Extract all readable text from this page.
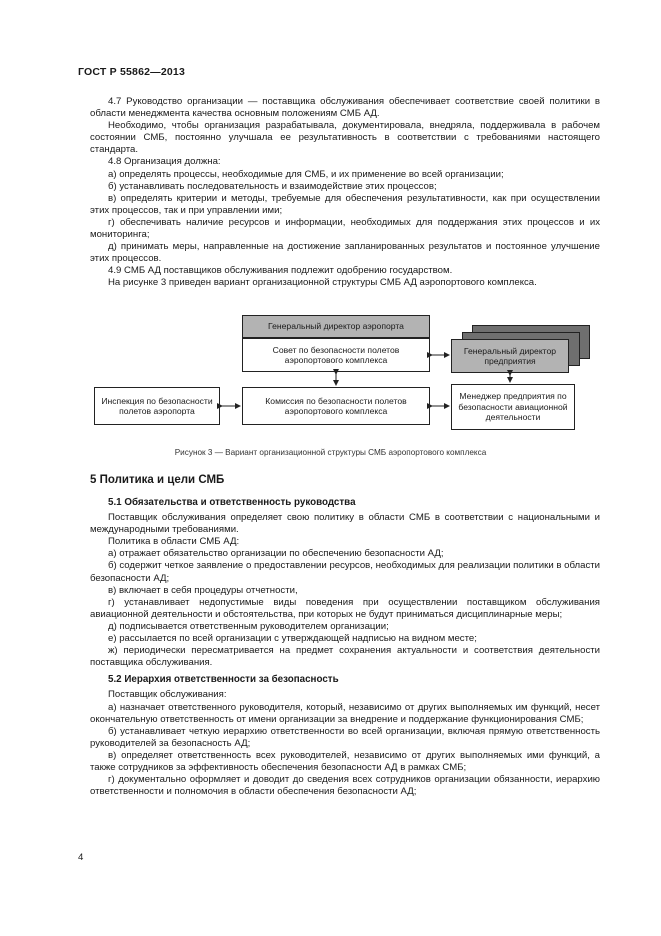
ГОСТ Р 55862—2013

4.7 Руководство организации — поставщика обслуживания обеспечивает соответствие своей политики в области менеджмента качества основным положениям СМБ АД.

Необходимо, чтобы организация разрабатывала, документировала, внедряла, поддерживала в рабочем состоянии СМБ, постоянно улучшала ее результативность в соответствии с требованиями настоящего стандарта.

4.8 Организация должна:

а) определять процессы, необходимые для СМБ, и их применение во всей организации;

б) устанавливать последовательность и взаимодействие этих процессов;

в) определять критерии и методы, требуемые для обеспечения результативности, как при осуществлении этих процессов, так и при управлении ими;

г) обеспечивать наличие ресурсов и информации, необходимых для поддержания этих процессов и их мониторинга;

д) принимать меры, направленные на достижение запланированных результатов и постоянное улучшение этих процессов.

4.9 СМБ АД поставщиков обслуживания подлежит одобрению государством.

На рисунке 3 приведен вариант организационной структуры СМБ АД аэропортового комплекса.

Генеральный директор аэропорта
Совет по безопасности полетов аэропортового комплекса
Генеральный директор предприятия
Инспекция по безопасности полетов аэропорта
Комиссия по безопасности полетов аэропортового комплекса
Менеджер предприятия по безопасности авиационной деятельности
Рисунок 3 — Вариант организационной структуры СМБ аэропортового комплекса
5 Политика и цели СМБ

5.1 Обязательства и ответственность руководства

Поставщик обслуживания определяет свою политику в области СМБ в соответствии с национальными и международными требованиями.

Политика в области СМБ АД:

а) отражает обязательство организации по обеспечению безопасности АД;

б) содержит четкое заявление о предоставлении ресурсов, необходимых для реализации политики в области безопасности АД;

в) включает в себя процедуры отчетности,

г) устанавливает недопустимые виды поведения при осуществлении поставщиком обслуживания авиационной деятельности и обстоятельства, при которых не будут приниматься дисциплинарные меры;

д) подписывается ответственным руководителем организации;

е) рассылается по всей организации с утверждающей надписью на видном месте;

ж) периодически пересматривается на предмет сохранения актуальности и соответствия деятельности поставщика обслуживания.

5.2 Иерархия ответственности за безопасность

Поставщик обслуживания:

а) назначает ответственного руководителя, который, независимо от других выполняемых им функций, несет окончательную ответственность от имени организации за внедрение и поддержание функционирования СМБ;

б) устанавливает четкую иерархию ответственности во всей организации, включая прямую ответственность руководителей за безопасность АД;

в) определяет ответственность всех руководителей, независимо от других выполняемых ими функций, а также сотрудников за эффективность обеспечения безопасности АД в рамках СМБ;

г) документально оформляет и доводит до сведения всех сотрудников организации обязанности, иерархию ответственности и полномочия в области обеспечения безопасности АД;

4
